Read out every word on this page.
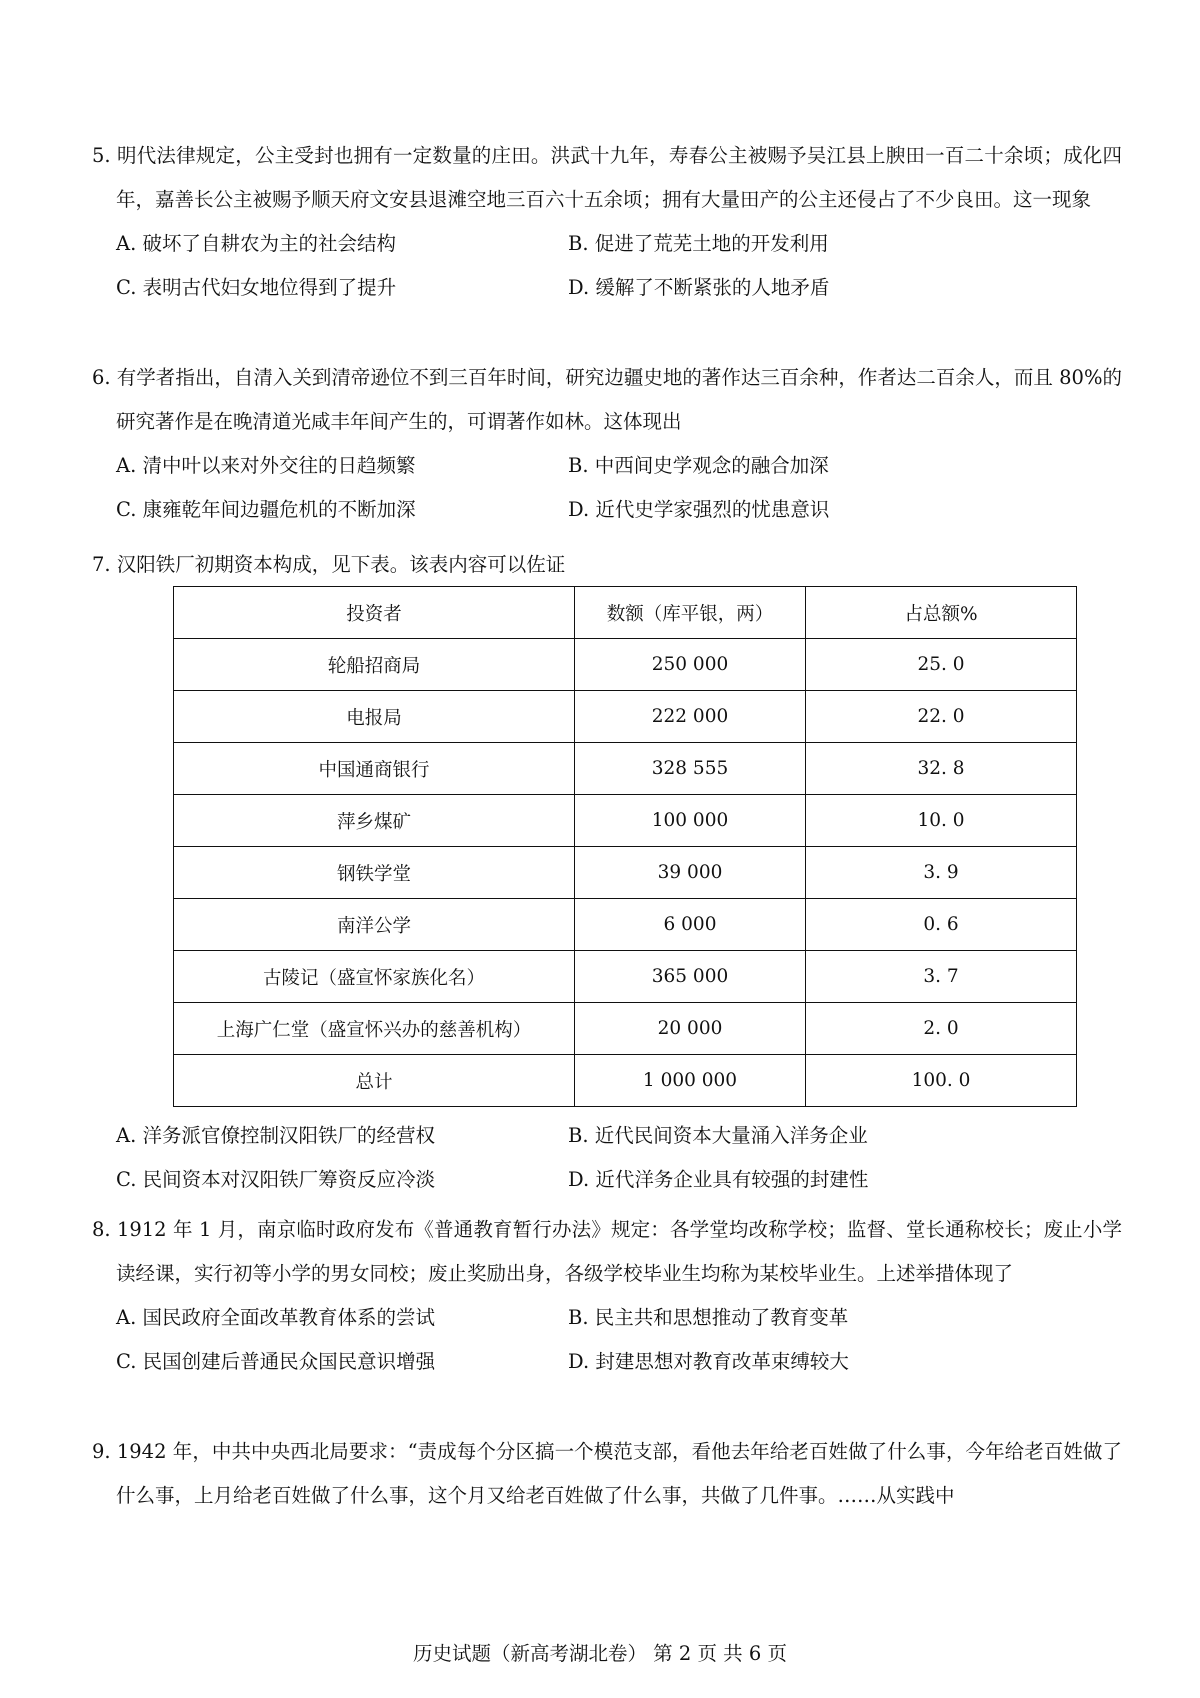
5. 明代法律规定，公主受封也拥有一定数量的庄田。洪武十九年，寿春公主被赐予吴江县上腴田一百二十余顷；成化四年，嘉善长公主被赐予顺天府文安县退滩空地三百六十五余顷；拥有大量田产的公主还侵占了不少良田。这一现象

A. 破坏了自耕农为主的社会结构	B. 促进了荒芜土地的开发利用
C. 表明古代妇女地位得到了提升	D. 缓解了不断紧张的人地矛盾

6. 有学者指出，自清入关到清帝逊位不到三百年时间，研究边疆史地的著作达三百余种，作者达二百余人，而且 80%的研究著作是在晚清道光咸丰年间产生的，可谓著作如林。这体现出

A. 清中叶以来对外交往的日趋频繁	B. 中西间史学观念的融合加深
C. 康雍乾年间边疆危机的不断加深	D. 近代史学家强烈的忧患意识

7. 汉阳铁厂初期资本构成，见下表。该表内容可以佐证

投资者	数额（库平银，两）	占总额%
轮船招商局	250 000	25. 0
电报局	222 000	22. 0
中国通商银行	328 555	32. 8
萍乡煤矿	100 000	10. 0
钢铁学堂	39 000	3. 9
南洋公学	6 000	0. 6
古陵记（盛宣怀家族化名）	365 000	3. 7
上海广仁堂（盛宣怀兴办的慈善机构）	20 000	2. 0
总计	1 000 000	100. 0
A. 洋务派官僚控制汉阳铁厂的经营权	B. 近代民间资本大量涌入洋务企业
C. 民间资本对汉阳铁厂筹资反应冷淡	D. 近代洋务企业具有较强的封建性

8. 1912 年 1 月，南京临时政府发布《普通教育暂行办法》规定：各学堂均改称学校；监督、堂长通称校长；废止小学读经课，实行初等小学的男女同校；废止奖励出身，各级学校毕业生均称为某校毕业生。上述举措体现了

A. 国民政府全面改革教育体系的尝试	B. 民主共和思想推动了教育变革
C. 民国创建后普通民众国民意识增强	D. 封建思想对教育改革束缚较大

9. 1942 年，中共中央西北局要求：“责成每个分区搞一个模范支部，看他去年给老百姓做了什么事，今年给老百姓做了什么事，上月给老百姓做了什么事，这个月又给老百姓做了什么事，共做了几件事。……从实践中

历史试题（新高考湖北卷） 第 2 页 共 6 页
